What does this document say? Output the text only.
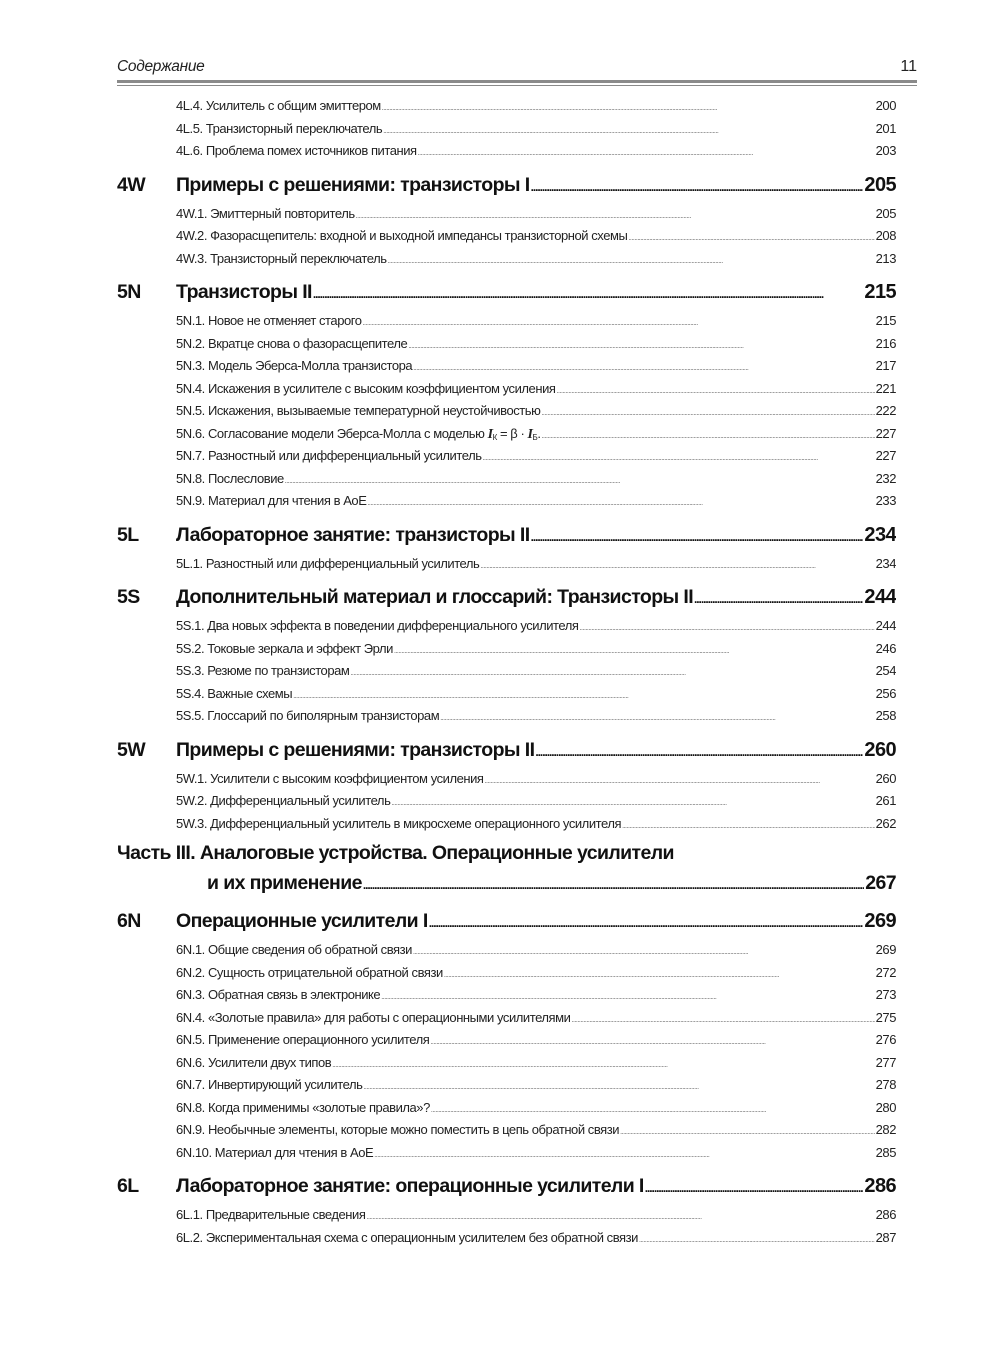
Содержание	11
4L.4. Усилитель с общим эмиттером . . .	200
4L.5. Транзисторный переключатель . . .	201
4L.6. Проблема помех источников питания . . .	203
4W	Примеры с решениями: транзисторы I . . .	205
4W.1. Эмиттерный повторитель . . .	205
4W.2. Фазорасщепитель: входной и выходной импедансы транзисторной схемы . . .	208
4W.3. Транзисторный переключатель . . .	213
5N	Транзисторы II . . .	215
5N.1. Новое не отменяет старого . . .	215
5N.2. Вкратце снова о фазорасщепителе . . .	216
5N.3. Модель Эберса-Молла транзистора . . .	217
5N.4. Искажения в усилителе с высоким коэффициентом усиления . . .	221
5N.5. Искажения, вызываемые температурной неустойчивостью . . .	222
5N.6. Согласование модели Эберса-Молла с моделью $I_К = \beta \cdot I_Б$. . . .	227
5N.7. Разностный или дифференциальный усилитель . . .	227
5N.8. Послесловие . . .	232
5N.9. Материал для чтения в AoE . . .	233
5L	Лабораторное занятие: транзисторы II . . .	234
5L.1. Разностный или дифференциальный усилитель . . .	234
5S	Дополнительный материал и глоссарий: Транзисторы II . . .	244
5S.1. Два новых эффекта в поведении дифференциального усилителя . . .	244
5S.2. Токовые зеркала и эффект Эрли . . .	246
5S.3. Резюме по транзисторам . . .	254
5S.4. Важные схемы . . .	256
5S.5. Глоссарий по биполярным транзисторам . . .	258
5W	Примеры с решениями: транзисторы II . . .	260
5W.1. Усилители с высоким коэффициентом усиления . . .	260
5W.2. Дифференциальный усилитель . . .	261
5W.3. Дифференциальный усилитель в микросхеме операционного усилителя . . .	262
Часть III. Аналоговые устройства. Операционные усилители
и их применение . . .	267
6N	Операционные усилители I . . .	269
6N.1. Общие сведения об обратной связи . . .	269
6N.2. Сущность отрицательной обратной связи . . .	272
6N.3. Обратная связь в электронике . . .	273
6N.4. «Золотые правила» для работы с операционными усилителями . . .	275
6N.5. Применение операционного усилителя . . .	276
6N.6. Усилители двух типов . . .	277
6N.7. Инвертирующий усилитель . . .	278
6N.8. Когда применимы «золотые правила»? . . .	280
6N.9. Необычные элементы, которые можно поместить в цепь обратной связи . . .	282
6N.10. Материал для чтения в AoE . . .	285
6L	Лабораторное занятие: операционные усилители I . . .	286
6L.1. Предварительные сведения . . .	286
6L.2. Экспериментальная схема с операционным усилителем без обратной связи . . .	287
